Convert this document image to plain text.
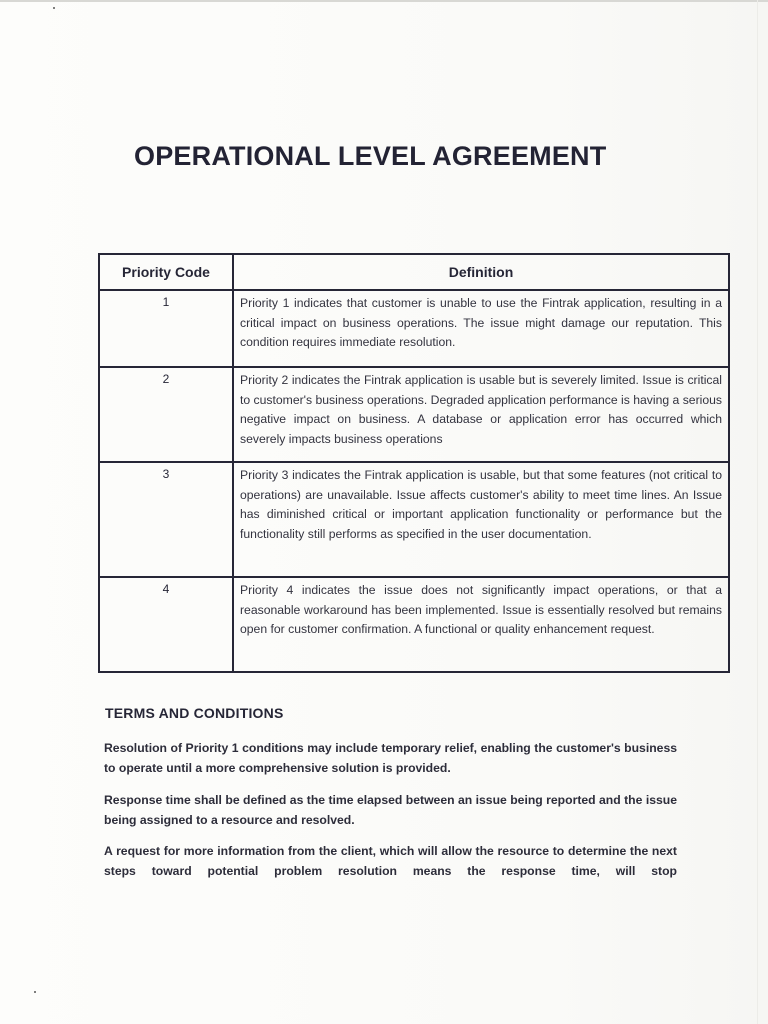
OPERATIONAL LEVEL AGREEMENT
Priority Code	Definition
1	Priority 1 indicates that customer is unable to use the Fintrak application, resulting in a critical impact on business operations. The issue might damage our reputation. This condition requires immediate resolution.
2	Priority 2 indicates the Fintrak application is usable but is severely limited. Issue is critical to customer's business operations. Degraded application performance is having a serious negative impact on business. A database or application error has occurred which severely impacts business operations
3	Priority 3 indicates the Fintrak application is usable, but that some features (not critical to operations) are unavailable. Issue affects customer's ability to meet time lines. An Issue has diminished critical or important application functionality or performance but the functionality still performs as specified in the user documentation.
4	Priority 4 indicates the issue does not significantly impact operations, or that a reasonable workaround has been implemented. Issue is essentially resolved but remains open for customer confirmation. A functional or quality enhancement request.
TERMS AND CONDITIONS

Resolution of Priority 1 conditions may include temporary relief, enabling the customer's business to operate until a more comprehensive solution is provided.

Response time shall be defined as the time elapsed between an issue being reported and the issue being assigned to a resource and resolved.

A request for more information from the client, which will allow the resource to determine the next steps toward potential problem resolution means the response time, will stop
